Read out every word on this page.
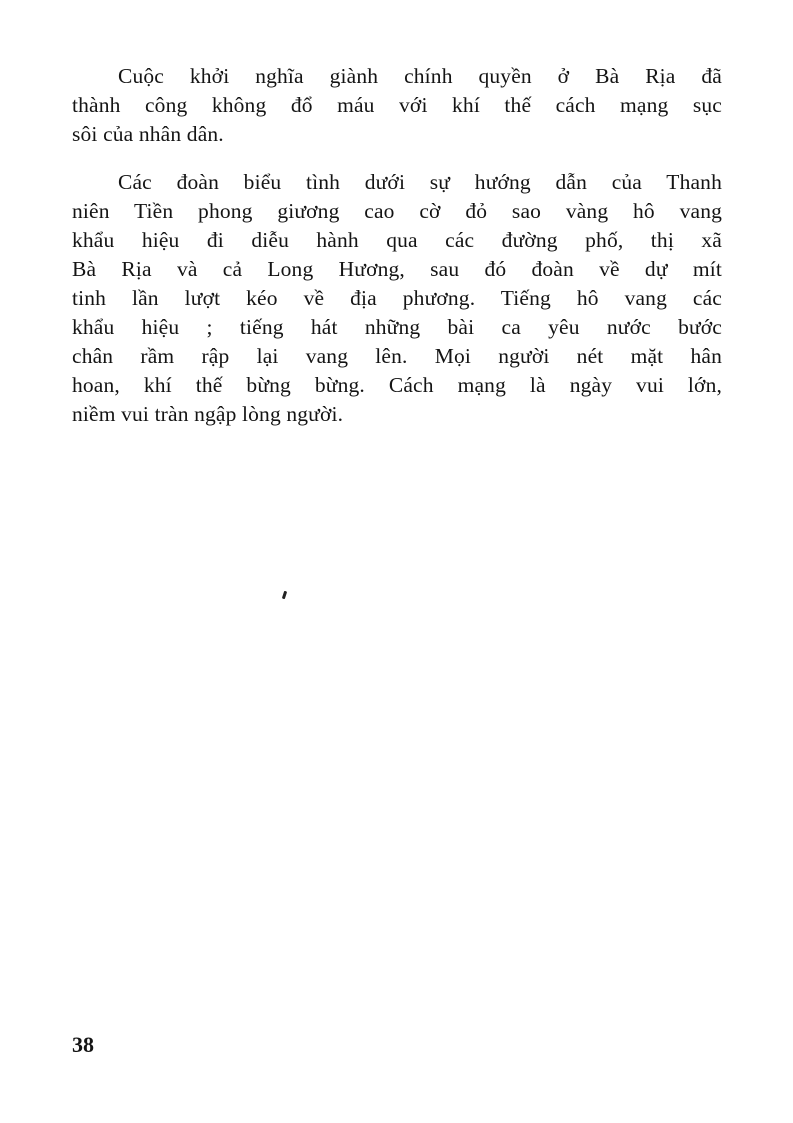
Cuộc khởi nghĩa giành chính quyền ở Bà Rịa đã
thành công không đổ máu với khí thế cách mạng sục
sôi của nhân dân.

Các đoàn biểu tình dưới sự hướng dẫn của Thanh
niên Tiền phong giương cao cờ đỏ sao vàng hô vang
khẩu hiệu đi diễu hành qua các đường phố, thị xã
Bà Rịa và cả Long Hương, sau đó đoàn về dự mít
tinh lần lượt kéo về địa phương. Tiếng hô vang các
khẩu hiệu ; tiếng hát những bài ca yêu nước bước
chân rầm rập lại vang lên. Mọi người nét mặt hân
hoan, khí thế bừng bừng. Cách mạng là ngày vui lớn,
niềm vui tràn ngập lòng người.

38
